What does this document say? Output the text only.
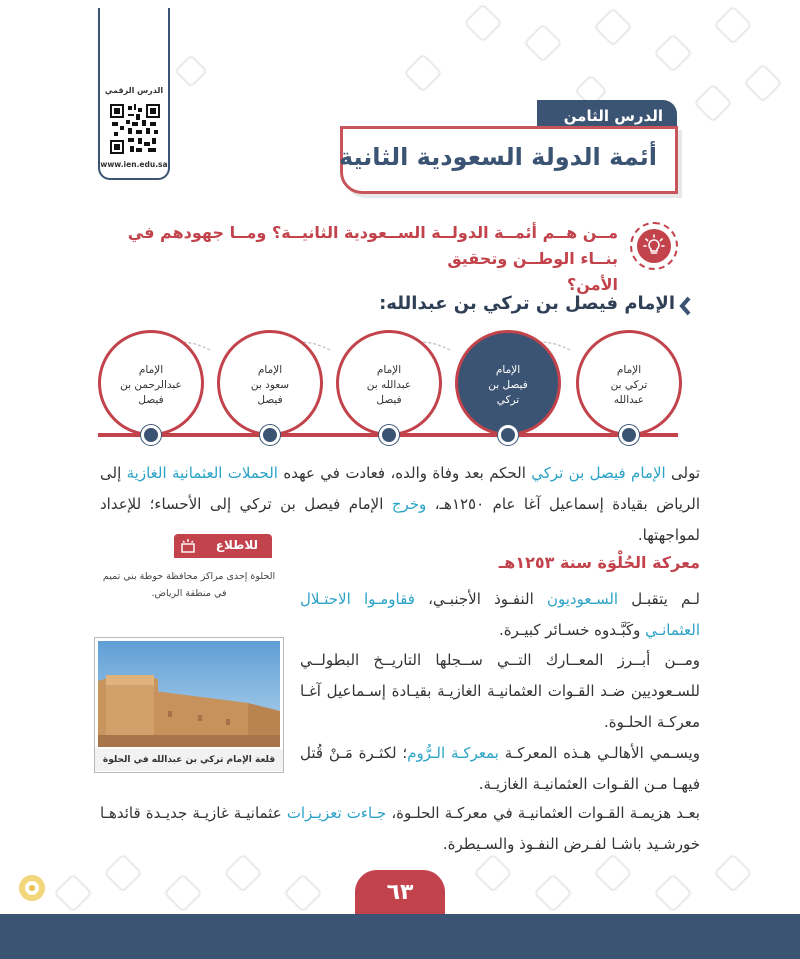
الدرس الرقمي
www.ien.edu.sa
الدرس الثامن
أئمة الدولة السعودية الثانية
مــن هــم أئمــة الدولــة الســعودية الثانيــة؟ ومــا جهودهم في بنــاء الوطــن وتحقيق
الأمن؟
الإمام فيصل بن تركي بن عبدالله:
الإمام
تركي بن
عبدالله
الإمام
فيصل بن
تركي
الإمام
عبدالله بن
فيصل
الإمام
سعود بن
فيصل
الإمام
عبدالرحمن بن
فيصل
تولى الإمام فيصل بن تركي الحكم بعد وفاة والده، فعادت في عهده الحملات العثمانية الغازية إلى الرياض بقيادة إسماعيل آغا عام ١٢٥٠هـ، وخرج الإمام فيصل بن تركي إلى الأحساء؛ للإعداد لمواجهتها.
للاطلاع
الحلوة إحدى مراكز محافظة حوطة بني تميم في منطقة الرياض.
قلعة الإمام تركي بن عبدالله في الحلوة
معركة الحُلْوَة سنة ١٢٥٣هـ
لـم يتقبـل السـعوديون النفـوذ الأجنبـي، فقاومـوا الاحتـلال العثمانـي وكَبَّـدوه خسـائر كبيـرة.
ومــن أبــرز المعــارك التــي ســجلها التاريــخ البطولــي للسـعوديين ضـد القـوات العثمانيـة الغازيـة بقيـادة إسـماعيل آغـا معركـة الحلـوة.
ويسـمي الأهالـي هـذه المعركـة بمعركـة الـرُّوم؛ لكثـرة مَـنْ قُتل فيهـا مـن القـوات العثمانيـة الغازيـة.
بعـد هزيمـة القـوات العثمانيـة في معركـة الحلـوة، جـاءت تعزيـزات عثمانيـة غازيـة جديـدة قائدهـا خورشـيد باشـا لفـرض النفـوذ والسـيطرة.
٦٣
